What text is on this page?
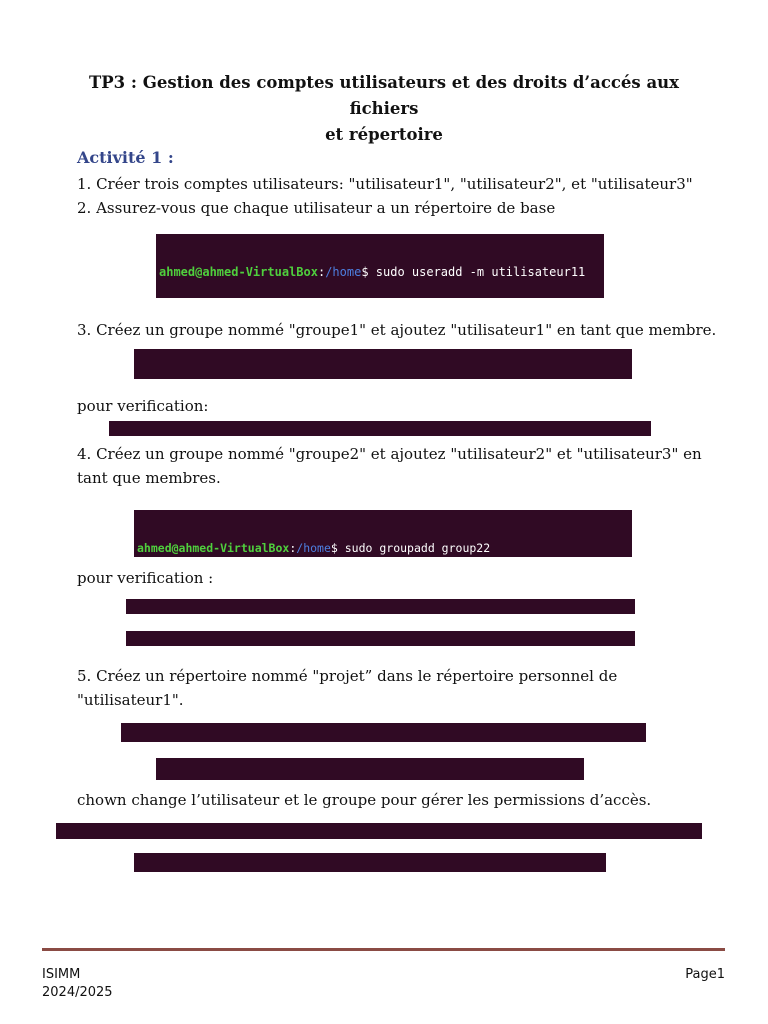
TP3 : Gestion des comptes utilisateurs et des droits d’accés aux fichiers
et répertoire
Activité 1 :
1. Créer trois comptes utilisateurs: "utilisateur1", "utilisateur2", et "utilisateur3"
2. Assurez-vous que chaque utilisateur a un répertoire de base

ahmed@ahmed-VirtualBox:/home$ sudo useradd -m utilisateur11

3. Créez un groupe nommé "groupe1" et ajoutez "utilisateur1" en tant que membre.

pour verification:

4. Créez un groupe nommé "groupe2" et ajoutez "utilisateur2" et "utilisateur3" en
tant que membres.

ahmed@ahmed-VirtualBox:/home$ sudo groupadd group22

pour verification :

5. Créez un répertoire nommé "projet” dans le répertoire personnel de
"utilisateur1".

chown change l’utilisateur et le groupe pour gérer les permissions d’accès.

ISIMM
2024/2025
Page1
